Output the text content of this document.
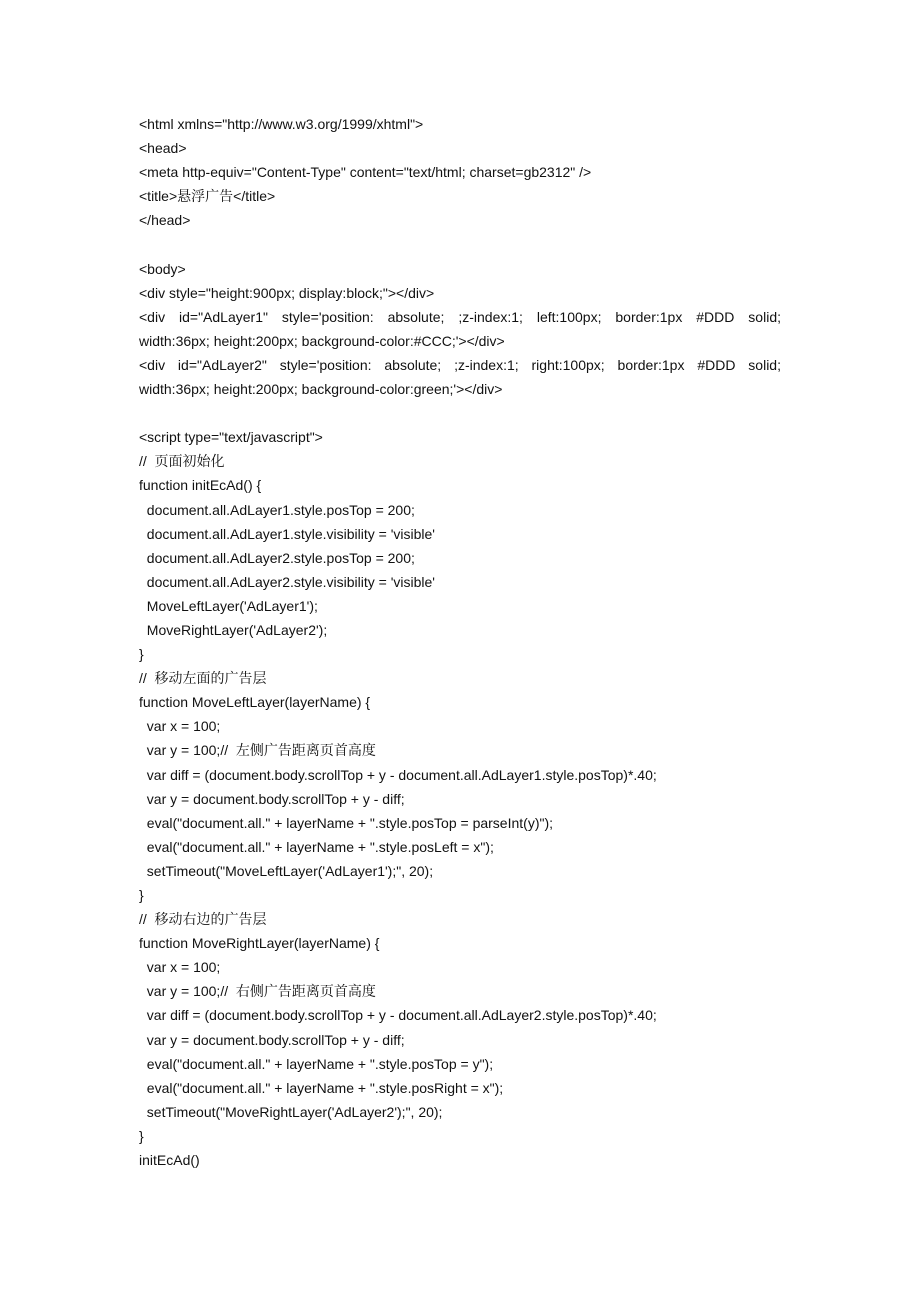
<html xmlns="http://www.w3.org/1999/xhtml">
<head>
<meta http-equiv="Content-Type" content="text/html; charset=gb2312" />
<title>悬浮广告</title>
</head>
<body>
<div style="height:900px; display:block;"></div>
<div id="AdLayer1" style='position: absolute; ;z-index:1; left:100px; border:1px #DDD solid;
width:36px; height:200px; background-color:#CCC;'></div>
<div id="AdLayer2" style='position: absolute; ;z-index:1; right:100px; border:1px #DDD solid;
width:36px; height:200px; background-color:green;'></div>
<script type="text/javascript">
//  页面初始化
function initEcAd() {
document.all.AdLayer1.style.posTop = 200;
document.all.AdLayer1.style.visibility = 'visible'
document.all.AdLayer2.style.posTop = 200;
document.all.AdLayer2.style.visibility = 'visible'
MoveLeftLayer('AdLayer1');
MoveRightLayer('AdLayer2');
}
//  移动左面的广告层
function MoveLeftLayer(layerName) {
var x = 100;
var y = 100;//  左侧广告距离页首高度
var diff = (document.body.scrollTop + y - document.all.AdLayer1.style.posTop)*.40;
var y = document.body.scrollTop + y - diff;
eval("document.all." + layerName + ".style.posTop = parseInt(y)");
eval("document.all." + layerName + ".style.posLeft = x");
setTimeout("MoveLeftLayer('AdLayer1');", 20);
}
//  移动右边的广告层
function MoveRightLayer(layerName) {
var x = 100;
var y = 100;//  右侧广告距离页首高度
var diff = (document.body.scrollTop + y - document.all.AdLayer2.style.posTop)*.40;
var y = document.body.scrollTop + y - diff;
eval("document.all." + layerName + ".style.posTop = y");
eval("document.all." + layerName + ".style.posRight = x");
setTimeout("MoveRightLayer('AdLayer2');", 20);
}
initEcAd()
